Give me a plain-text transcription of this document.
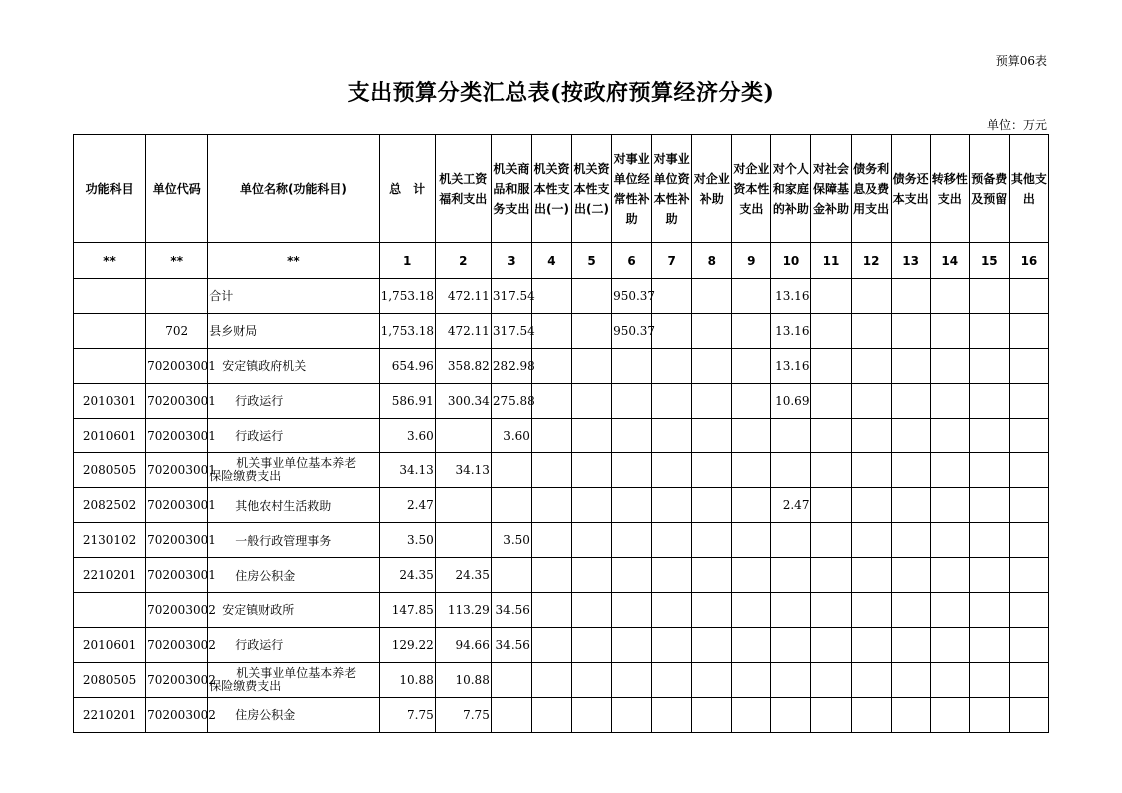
预算06表
支出预算分类汇总表(按政府预算经济分类)
单位：万元
功能科目	单位代码	单位名称(功能科目)	总　计	机关工资福利支出	机关商品和服务支出	机关资本性支出(一)	机关资本性支出(二)	对事业单位经常性补助	对事业单位资本性补助	对企业补助	对企业资本性支出	对个人和家庭的补助	对社会保障基金补助	债务利息及费用支出	债务还本支出	转移性支出	预备费及预留	其他支出
**	**	**	1	2	3	4	5	6	7	8	9	10	11	12	13	14	15	16
		合计	1,753.18	472.11	317.54			950.37				13.16						
	702	县乡财局	1,753.18	472.11	317.54			950.37				13.16						
	702003001	安定镇政府机关	654.96	358.82	282.98							13.16						
2010301	702003001	行政运行	586.91	300.34	275.88							10.69						
2010601	702003001	行政运行	3.60		3.60													
2080505	702003001	机关事业单位基本养老
保险缴费支出	34.13	34.13														
2082502	702003001	其他农村生活救助	2.47									2.47						
2130102	702003001	一般行政管理事务	3.50		3.50													
2210201	702003001	住房公积金	24.35	24.35														
	702003002	安定镇财政所	147.85	113.29	34.56													
2010601	702003002	行政运行	129.22	94.66	34.56													
2080505	702003002	机关事业单位基本养老
保险缴费支出	10.88	10.88														
2210201	702003002	住房公积金	7.75	7.75														
